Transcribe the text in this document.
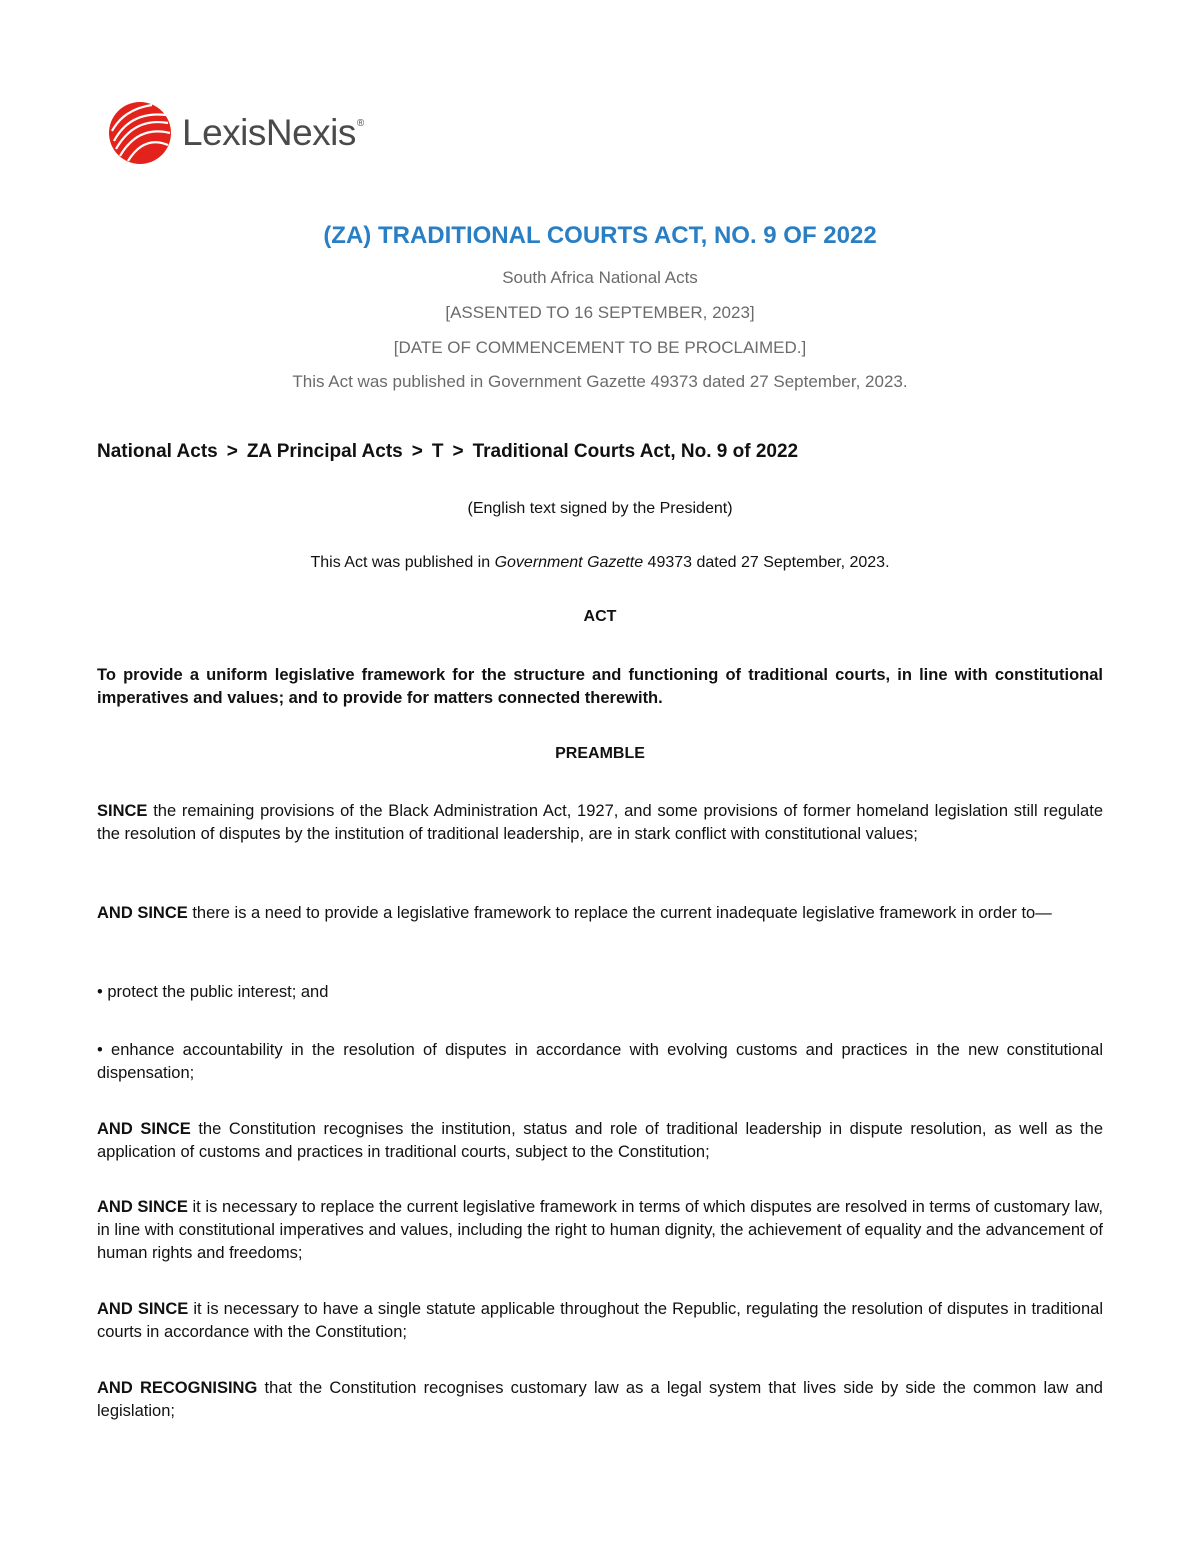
LexisNexis®
(ZA) TRADITIONAL COURTS ACT, NO. 9 OF 2022
South Africa National Acts
[ASSENTED TO 16 SEPTEMBER, 2023]
[DATE OF COMMENCEMENT TO BE PROCLAIMED.]
This Act was published in Government Gazette 49373 dated 27 September, 2023.
National Acts > ZA Principal Acts > T > Traditional Courts Act, No. 9 of 2022
(English text signed by the President)
This Act was published in Government Gazette 49373 dated 27 September, 2023.
ACT
To provide a uniform legislative framework for the structure and functioning of traditional courts, in line with constitutional imperatives and values; and to provide for matters connected therewith.
PREAMBLE
SINCE the remaining provisions of the Black Administration Act, 1927, and some provisions of former homeland legislation still regulate the resolution of disputes by the institution of traditional leadership, are in stark conflict with constitutional values;
AND SINCE there is a need to provide a legislative framework to replace the current inadequate legislative framework in order to—
• protect the public interest; and
• enhance accountability in the resolution of disputes in accordance with evolving customs and practices in the new constitutional dispensation;
AND SINCE the Constitution recognises the institution, status and role of traditional leadership in dispute resolution, as well as the application of customs and practices in traditional courts, subject to the Constitution;
AND SINCE it is necessary to replace the current legislative framework in terms of which disputes are resolved in terms of customary law, in line with constitutional imperatives and values, including the right to human dignity, the achievement of equality and the advancement of human rights and freedoms;
AND SINCE it is necessary to have a single statute applicable throughout the Republic, regulating the resolution of disputes in traditional courts in accordance with the Constitution;
AND RECOGNISING that the Constitution recognises customary law as a legal system that lives side by side the common law and legislation;
